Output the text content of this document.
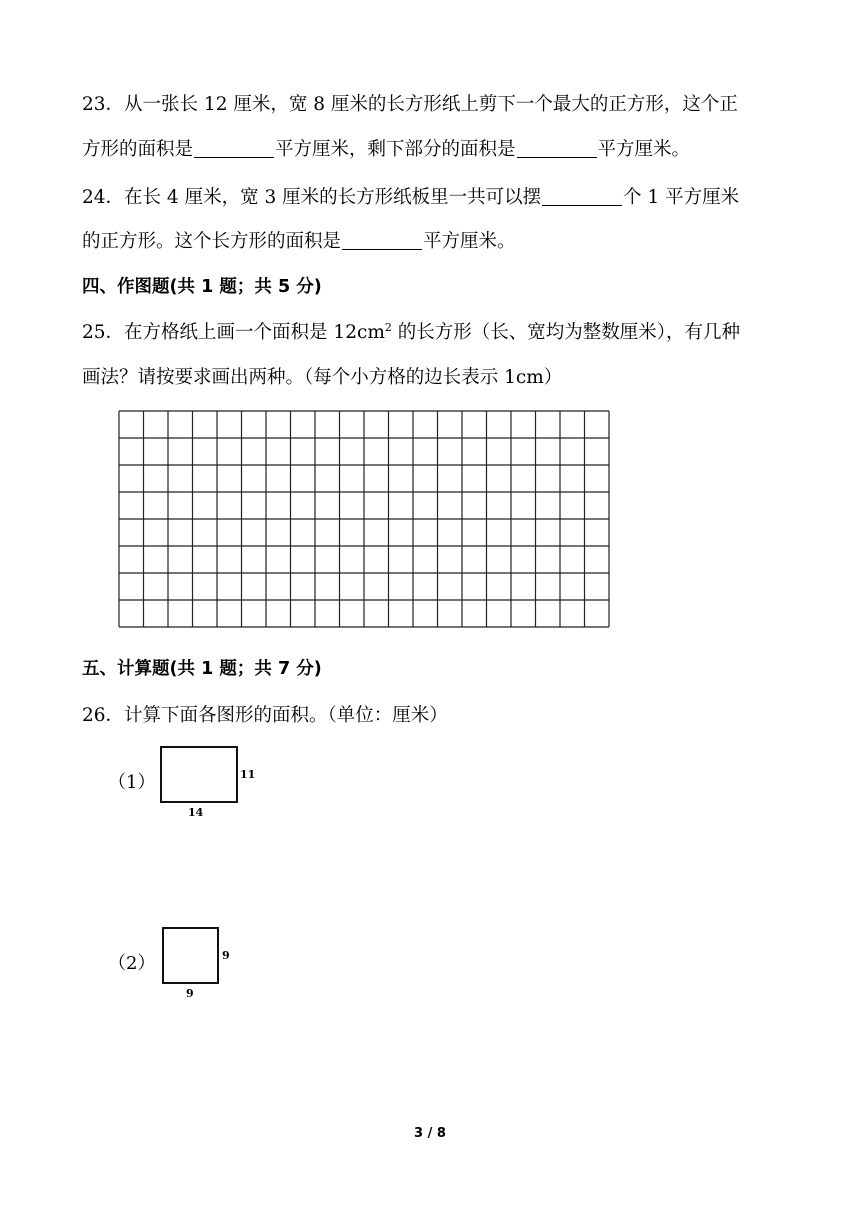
23．从一张长 12 厘米，宽 8 厘米的长方形纸上剪下一个最大的正方形，这个正
方形的面积是	平方厘米，剩下部分的面积是	平方厘米。
24．在长 4 厘米，宽 3 厘米的长方形纸板里一共可以摆	个 1 平方厘米
的正方形。这个长方形的面积是	平方厘米。
四、作图题(共 1 题；共 5 分)
25．在方格纸上画一个面积是 $12cm^2$ 的长方形（长、宽均为整数厘米），有几种
画法？请按要求画出两种。（每个小方格的边长表示 1cm）
五、计算题(共 1 题；共 7 分)
26．计算下面各图形的面积。（单位：厘米）
（1）	11
14
（2）	9
9
3 / 8
